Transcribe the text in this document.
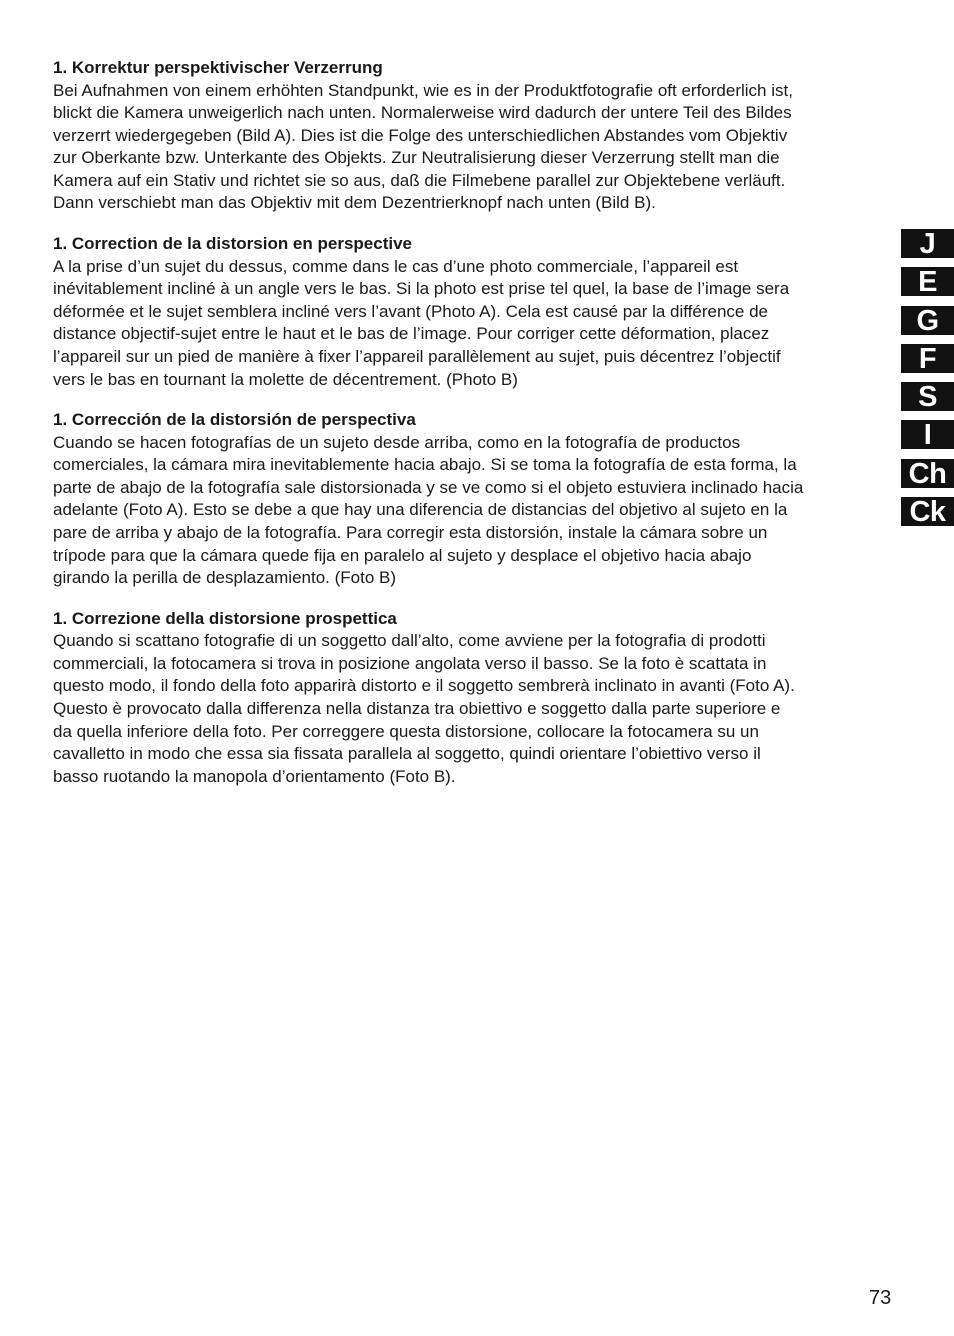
1. Korrektur perspektivischer Verzerrung

Bei Aufnahmen von einem erhöhten Standpunkt, wie es in der Produktfotografie oft erforderlich ist,
blickt die Kamera unweigerlich nach unten. Normalerweise wird dadurch der untere Teil des Bildes
verzerrt wiedergegeben (Bild A). Dies ist die Folge des unterschiedlichen Abstandes vom Objektiv
zur Oberkante bzw. Unterkante des Objekts. Zur Neutralisierung dieser Verzerrung stellt man die
Kamera auf ein Stativ und richtet sie so aus, daß die Filmebene parallel zur Objektebene verläuft.
Dann verschiebt man das Objektiv mit dem Dezentrierknopf nach unten (Bild B).

1. Correction de la distorsion en perspective

A la prise d’un sujet du dessus, comme dans le cas d’une photo commerciale, l’appareil est
inévitablement incliné à un angle vers le bas. Si la photo est prise tel quel, la base de l’image sera
déformée et le sujet semblera incliné vers l’avant (Photo A). Cela est causé par la différence de
distance objectif-sujet entre le haut et le bas de l’image. Pour corriger cette déformation, placez
l’appareil sur un pied de manière à fixer l’appareil parallèlement au sujet, puis décentrez l’objectif
vers le bas en tournant la molette de décentrement. (Photo B)

1. Corrección de la distorsión de perspectiva

Cuando se hacen fotografías de un sujeto desde arriba, como en la fotografía de productos
comerciales, la cámara mira inevitablemente hacia abajo. Si se toma la fotografía de esta forma, la
parte de abajo de la fotografía sale distorsionada y se ve como si el objeto estuviera inclinado hacia
adelante (Foto A). Esto se debe a que hay una diferencia de distancias del objetivo al sujeto en la
pare de arriba y abajo de la fotografía. Para corregir esta distorsión, instale la cámara sobre un
trípode para que la cámara quede fija en paralelo al sujeto y desplace el objetivo hacia abajo
girando la perilla de desplazamiento. (Foto B)

1. Correzione della distorsione prospettica

Quando si scattano fotografie di un soggetto dall’alto, come avviene per la fotografia di prodotti
commerciali, la fotocamera si trova in posizione angolata verso il basso. Se la foto è scattata in
questo modo, il fondo della foto apparirà distorto e il soggetto sembrerà inclinato in avanti (Foto A).
Questo è provocato dalla differenza nella distanza tra obiettivo e soggetto dalla parte superiore e
da quella inferiore della foto. Per correggere questa distorsione, collocare la fotocamera su un
cavalletto in modo che essa sia fissata parallela al soggetto, quindi orientare l’obiettivo verso il
basso ruotando la manopola d’orientamento (Foto B).

J
E
G
F
S
I
Ch
Ck
73
